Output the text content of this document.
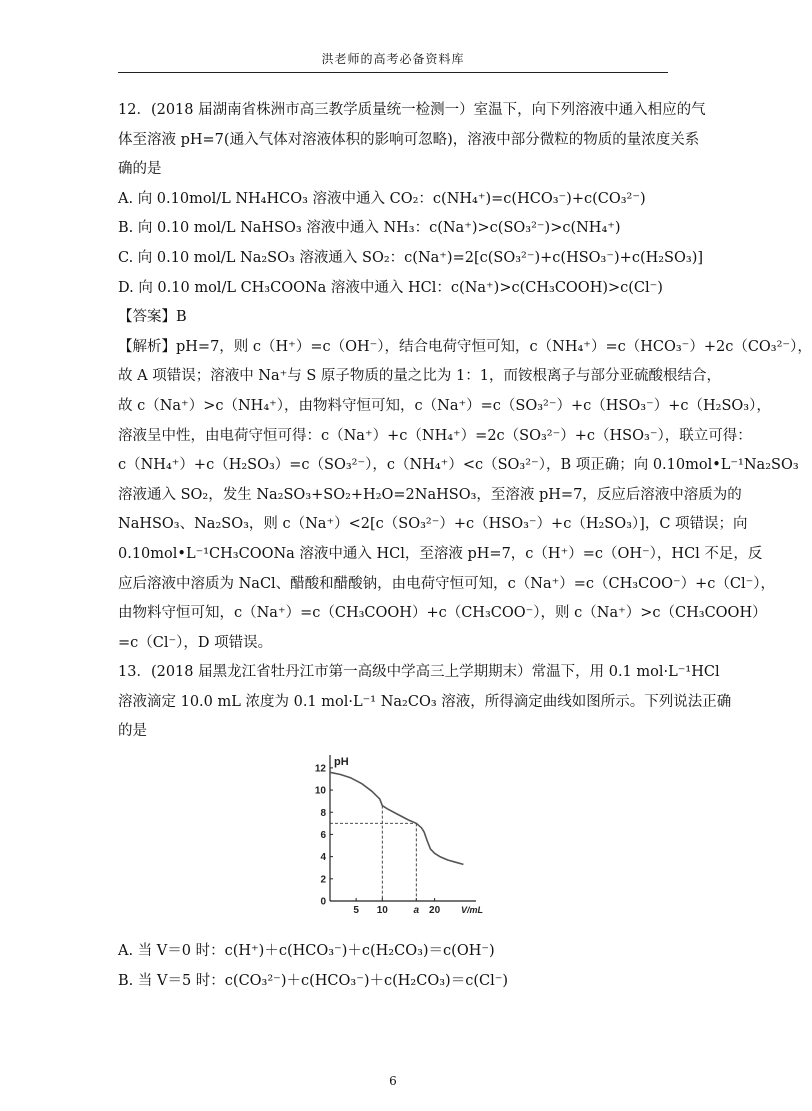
洪老师的高考必备资料库
12．(2018 届湖南省株洲市高三教学质量统一检测一）室温下，向下列溶液中通入相应的气
体至溶液 pH=7(通入气体对溶液体积的影响可忽略)，溶液中部分微粒的物质的量浓度关系
确的是
A. 向 0.10mol/L NH₄HCO₃ 溶液中通入 CO₂：c(NH₄⁺)=c(HCO₃⁻)+c(CO₃²⁻)
B. 向 0.10 mol/L NaHSO₃ 溶液中通入 NH₃：c(Na⁺)>c(SO₃²⁻)>c(NH₄⁺)
C. 向 0.10 mol/L Na₂SO₃ 溶液通入 SO₂：c(Na⁺)=2[c(SO₃²⁻)+c(HSO₃⁻)+c(H₂SO₃)]
D. 向 0.10 mol/L CH₃COONa 溶液中通入 HCl：c(Na⁺)>c(CH₃COOH)>c(Cl⁻)
【答案】B
【解析】pH=7，则 c（H⁺）=c（OH⁻），结合电荷守恒可知，c（NH₄⁺）=c（HCO₃⁻）+2c（CO₃²⁻），
故 A 项错误；溶液中 Na⁺与 S 原子物质的量之比为 1：1，而铵根离子与部分亚硫酸根结合，
故 c（Na⁺）>c（NH₄⁺），由物料守恒可知，c（Na⁺）=c（SO₃²⁻）+c（HSO₃⁻）+c（H₂SO₃），
溶液呈中性，由电荷守恒可得：c（Na⁺）+c（NH₄⁺）=2c（SO₃²⁻）+c（HSO₃⁻），联立可得：
c（NH₄⁺）+c（H₂SO₃）=c（SO₃²⁻），c（NH₄⁺）<c（SO₃²⁻），B 项正确；向 0.10mol•L⁻¹Na₂SO₃
溶液通入 SO₂，发生 Na₂SO₃+SO₂+H₂O=2NaHSO₃，至溶液 pH=7，反应后溶液中溶质为的
NaHSO₃、Na₂SO₃，则 c（Na⁺）<2[c（SO₃²⁻）+c（HSO₃⁻）+c（H₂SO₃）]，C 项错误；向
0.10mol•L⁻¹CH₃COONa 溶液中通入 HCl，至溶液 pH=7，c（H⁺）=c（OH⁻），HCl 不足，反
应后溶液中溶质为 NaCl、醋酸和醋酸钠，由电荷守恒可知，c（Na⁺）=c（CH₃COO⁻）+c（Cl⁻），
由物料守恒可知，c（Na⁺）=c（CH₃COOH）+c（CH₃COO⁻），则 c（Na⁺）>c（CH₃COOH）
=c（Cl⁻），D 项错误。
13．(2018 届黑龙江省牡丹江市第一高级中学高三上学期期末）常温下，用 0.1 mol·L⁻¹HCl
溶液滴定 10.0 mL 浓度为 0.1 mol·L⁻¹ Na₂CO₃ 溶液，所得滴定曲线如图所示。下列说法正确
的是
0
2
4
6
8
10
12
5 10	a 20
pH
V/mL
A. 当 V＝0 时：c(H⁺)＋c(HCO₃⁻)＋c(H₂CO₃)＝c(OH⁻)
B. 当 V＝5 时：c(CO₃²⁻)＋c(HCO₃⁻)＋c(H₂CO₃)＝c(Cl⁻)
6
